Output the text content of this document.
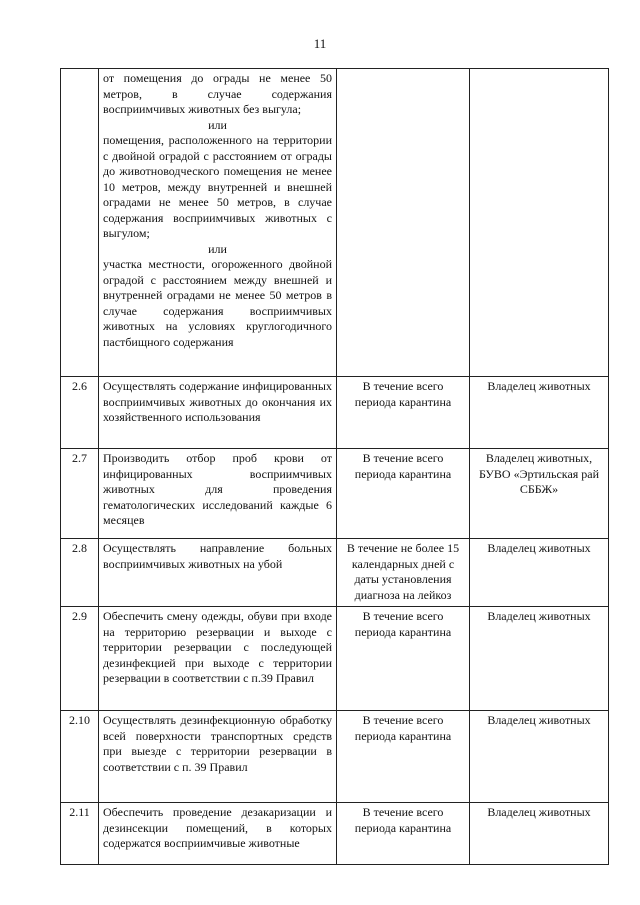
11

	от помещения до ограды не менее 50 метров, в случае содержания восприимчивых животных без выгула;
или
помещения, расположенного на территории с двойной оградой с расстоянием от ограды до животноводческого помещения не менее 10 метров, между внутренней и внешней оградами не менее 50 метров, в случае содержания восприимчивых животных с выгулом;
или
участка местности, огороженного двойной оградой с расстоянием между внешней и внутренней оградами не менее 50 метров в случае содержания восприимчивых животных на условиях круглогодичного пастбищного содержания		

2.6	Осуществлять содержание инфицированных восприимчивых животных до окончания их хозяйственного использования	В течение всего периода карантина	Владелец животных
2.7	Производить отбор проб крови от инфицированных восприимчивых животных для проведения гематологических исследований каждые 6 месяцев	В течение всего периода карантина	Владелец животных, БУВО «Эртильская рай СББЖ»
2.8	Осуществлять направление больных восприимчивых животных на убой	В течение не более 15 календарных дней с даты установления диагноза на лейкоз	Владелец животных
2.9	Обеспечить смену одежды, обуви при входе на территорию резервации и выходе с территории резервации с последующей дезинфекцией при выходе с территории резервации в соответствии с п.39 Правил	В течение всего периода карантина	Владелец животных
2.10	Осуществлять дезинфекционную обработку всей поверхности транспортных средств при выезде с территории резервации в соответствии с п. 39 Правил	В течение всего периода карантина	Владелец животных
2.11	Обеспечить проведение дезакаризации и дезинсекции помещений, в которых содержатся восприимчивые животные	В течение всего периода карантина	Владелец животных
